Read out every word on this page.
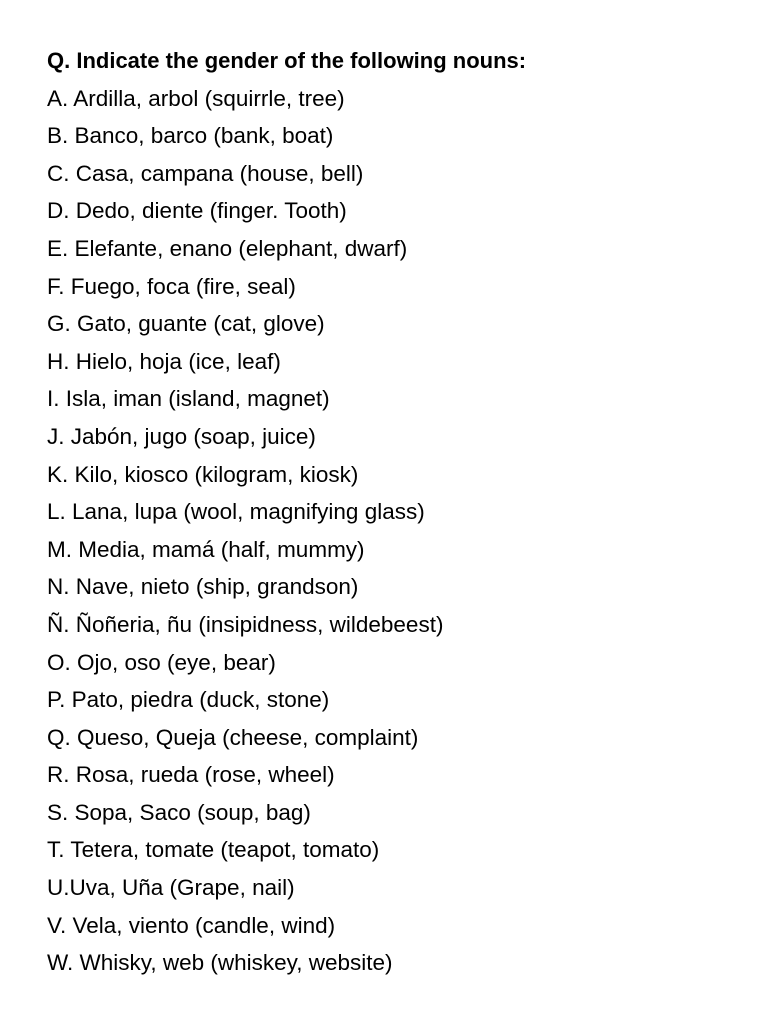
Q. Indicate the gender of the following nouns:
A. Ardilla, arbol (squirrle, tree)
B. Banco, barco (bank, boat)
C. Casa, campana (house, bell)
D. Dedo, diente (finger. Tooth)
E. Elefante, enano (elephant, dwarf)
F. Fuego, foca (fire, seal)
G. Gato, guante (cat, glove)
H. Hielo, hoja (ice, leaf)
I. Isla, iman (island, magnet)
J. Jabón, jugo (soap, juice)
K. Kilo, kiosco (kilogram, kiosk)
L. Lana, lupa (wool, magnifying glass)
M. Media, mamá (half, mummy)
N. Nave, nieto (ship, grandson)
Ñ. Ñoñeria, ñu (insipidness, wildebeest)
O. Ojo, oso (eye, bear)
P. Pato, piedra (duck, stone)
Q. Queso, Queja (cheese, complaint)
R. Rosa, rueda (rose, wheel)
S. Sopa, Saco (soup, bag)
T. Tetera, tomate (teapot, tomato)
U.Uva, Uña (Grape, nail)
V. Vela, viento (candle, wind)
W. Whisky, web (whiskey, website)
